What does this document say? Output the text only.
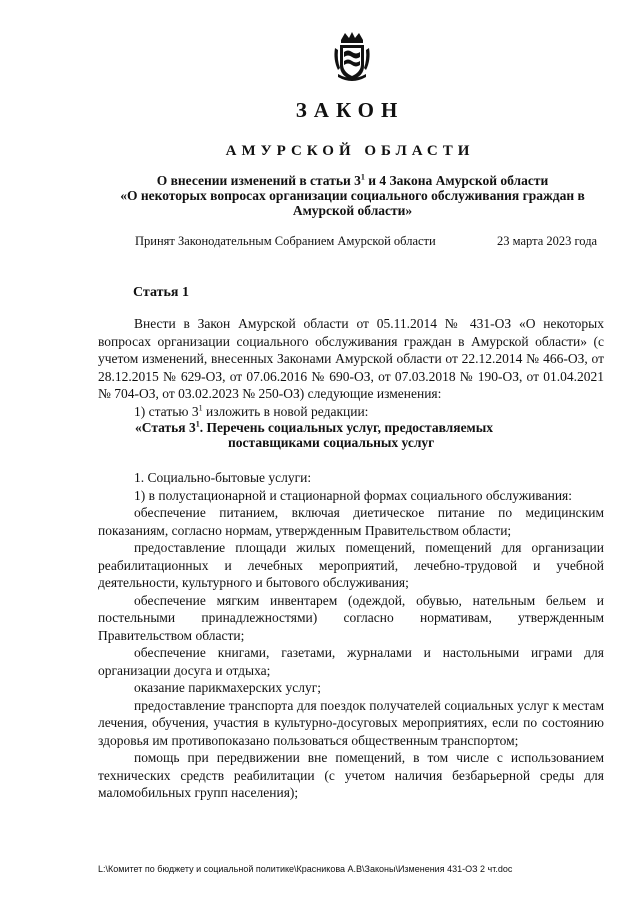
ЗАКОН
АМУРСКОЙ ОБЛАСТИ
О внесении изменений в статьи $3^1$ и 4 Закона Амурской области
«О некоторых вопросах организации социального обслуживания граждан в Амурской области»
Принят Законодательным Собранием Амурской области	23 марта 2023 года
Статья 1

Внести в Закон Амурской области от 05.11.2014 № 431-ОЗ «О некоторых вопросах организации социального обслуживания граждан в Амурской области» (с учетом изменений, внесенных Законами Амурской области от 22.12.2014 № 466-ОЗ, от 28.12.2015 № 629-ОЗ, от 07.06.2016 № 690-ОЗ, от 07.03.2018 № 190-ОЗ, от 01.04.2021 № 704-ОЗ, от 03.02.2023 № 250-ОЗ) следующие изменения:

1) статью $3^1$ изложить в новой редакции:

«Статья $3^1$. Перечень социальных услуг, предоставляемых
поставщиками социальных услуг

1. Социально-бытовые услуги:

1) в полустационарной и стационарной формах социального обслуживания:

обеспечение питанием, включая диетическое питание по медицинским показаниям, согласно нормам, утвержденным Правительством области;

предоставление площади жилых помещений, помещений для организации реабилитационных и лечебных мероприятий, лечебно-трудовой и учебной деятельности, культурного и бытового обслуживания;

обеспечение мягким инвентарем (одеждой, обувью, нательным бельем и постельными принадлежностями) согласно нормативам, утвержденным Правительством области;

обеспечение книгами, газетами, журналами и настольными играми для организации досуга и отдыха;

оказание парикмахерских услуг;

предоставление транспорта для поездок получателей социальных услуг к местам лечения, обучения, участия в культурно-досуговых мероприятиях, если по состоянию здоровья им противопоказано пользоваться общественным транспортом;

помощь при передвижении вне помещений, в том числе с использованием технических средств реабилитации (с учетом наличия безбарьерной среды для маломобильных групп населения);

L:\Комитет по бюджету и социальной политике\Красникова А.В\Законы\Изменения 431-ОЗ 2 чт.doc
